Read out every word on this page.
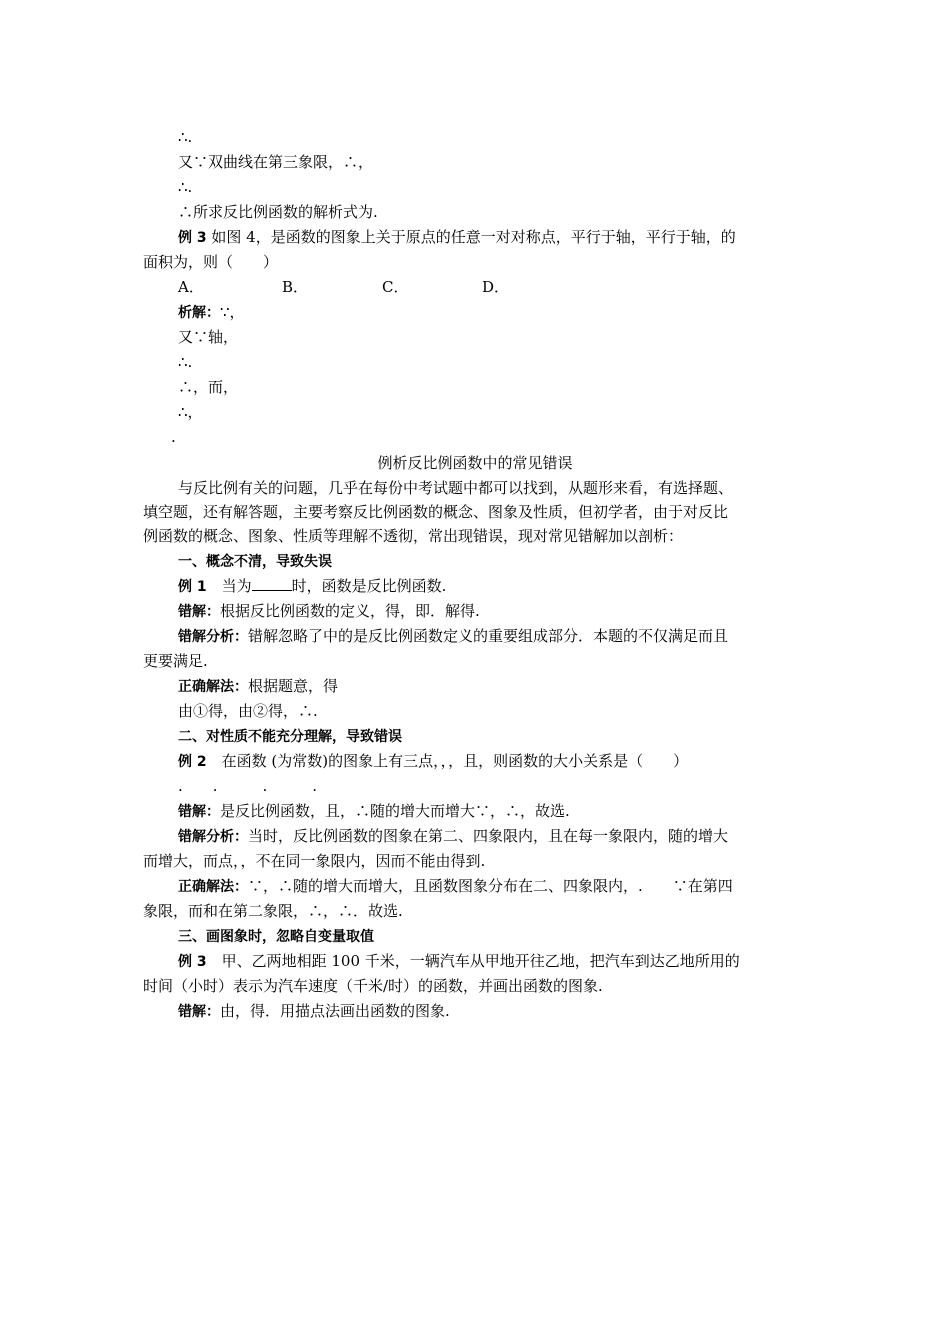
∴.
又∵双曲线在第三象限，∴，
∴.
∴所求反比例函数的解析式为.
例 3 如图 4，是函数的图象上关于原点的任意一对对称点，平行于轴，平行于轴，的
面积为，则（　　）
A．	B．	C．	D．
析解：∵，
又∵轴，
∴.
∴，而，
∴，
.
例析反比例函数中的常见错误
与反比例有关的问题，几乎在每份中考试题中都可以找到，从题形来看，有选择题、
填空题，还有解答题，主要考察反比例函数的概念、图象及性质，但初学者，由于对反比
例函数的概念、图象、性质等理解不透彻，常出现错误，现对常见错解加以剖析：
一、概念不清，导致失误
例 1　当为	时，函数是反比例函数.
错解：根据反比例函数的定义，得，即．解得.
错解分析：错解忽略了中的是反比例函数定义的重要组成部分．本题的不仅满足而且
更要满足.
正确解法：根据题意，得
由①得，由②得，∴.
二、对性质不能充分理解，导致错误
例 2　在函数 (为常数)的图象上有三点，，，且，则函数的大小关系是（　　）
.　　.　　　.　　　.
错解：是反比例函数，且，∴随的增大而增大∵，∴，故选.
错解分析：当时，反比例函数的图象在第二、四象限内，且在每一象限内，随的增大
而增大，而点，，不在同一象限内，因而不能由得到.
正确解法：∵，∴随的增大而增大，且函数图象分布在二、四象限内，.　　∵在第四
象限，而和在第二象限，∴，∴．故选.
三、画图象时，忽略自变量取值
例 3　甲、乙两地相距 100 千米，一辆汽车从甲地开往乙地，把汽车到达乙地所用的
时间（小时）表示为汽车速度（千米/时）的函数，并画出函数的图象.
错解：由，得．用描点法画出函数的图象.
